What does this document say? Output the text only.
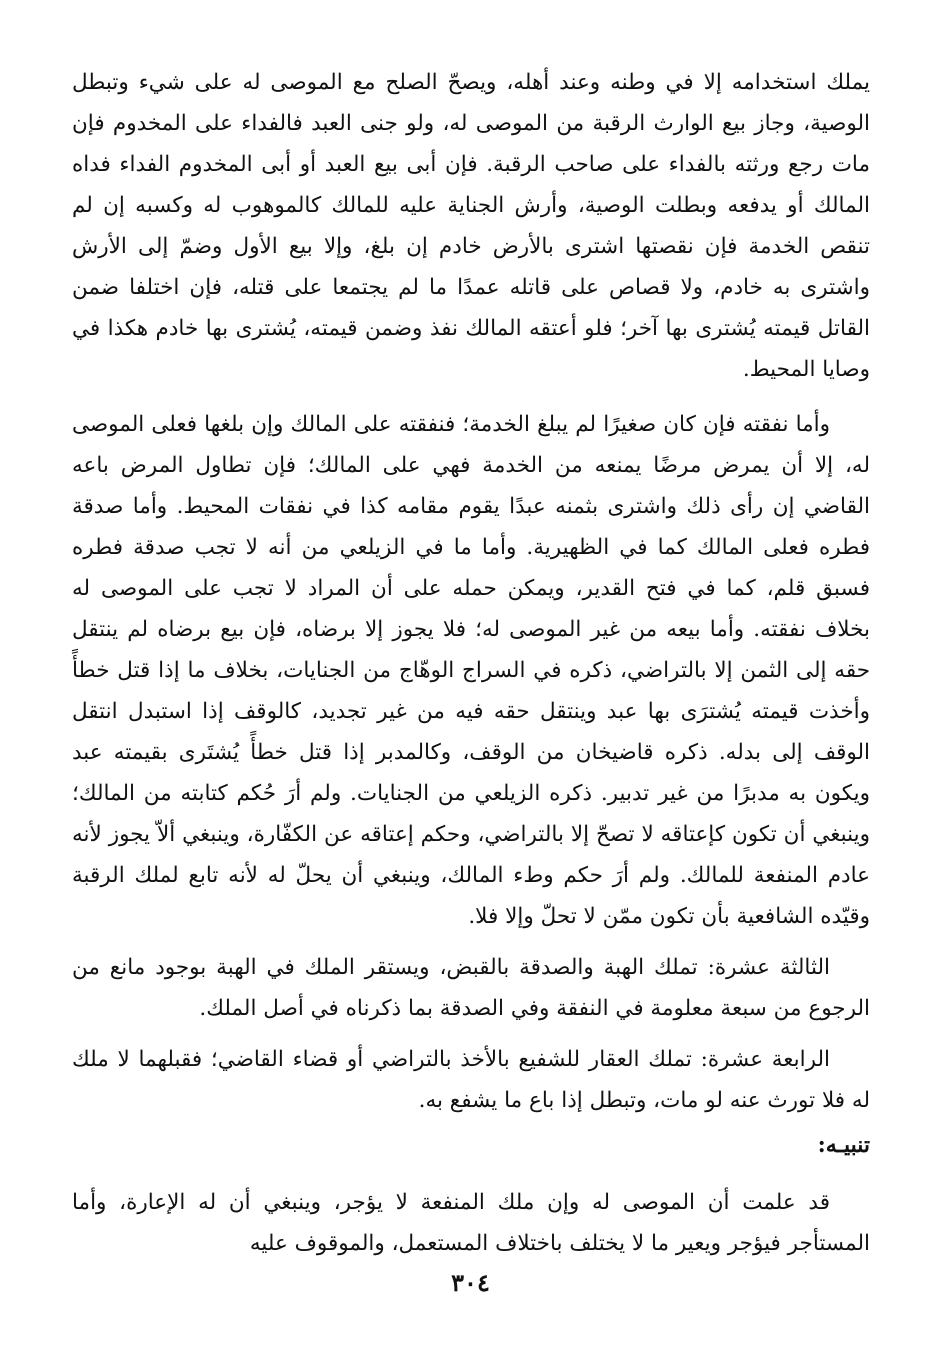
يملك استخدامه إلا في وطنه وعند أهله، ويصحّ الصلح مع الموصى له على شيء وتبطل الوصية، وجاز بيع الوارث الرقبة من الموصى له، ولو جنى العبد فالفداء على المخدوم فإن مات رجع ورثته بالفداء على صاحب الرقبة. فإن أبى بيع العبد أو أبى المخدوم الفداء فداه المالك أو يدفعه وبطلت الوصية، وأرش الجناية عليه للمالك كالموهوب له وكسبه إن لم تنقص الخدمة فإن نقصتها اشترى بالأرض خادم إن بلغ، وإلا بيع الأول وضمّ إلى الأرش واشترى به خادم، ولا قصاص على قاتله عمدًا ما لم يجتمعا على قتله، فإن اختلفا ضمن القاتل قيمته يُشترى بها آخر؛ فلو أعتقه المالك نفذ وضمن قيمته، يُشترى بها خادم هكذا في وصايا المحيط.

وأما نفقته فإن كان صغيرًا لم يبلغ الخدمة؛ فنفقته على المالك وإن بلغها فعلى الموصى له، إلا أن يمرض مرضًا يمنعه من الخدمة فهي على المالك؛ فإن تطاول المرض باعه القاضي إن رأى ذلك واشترى بثمنه عبدًا يقوم مقامه كذا في نفقات المحيط. وأما صدقة فطره فعلى المالك كما في الظهيرية. وأما ما في الزيلعي من أنه لا تجب صدقة فطره فسبق قلم، كما في فتح القدير، ويمكن حمله على أن المراد لا تجب على الموصى له بخلاف نفقته. وأما بيعه من غير الموصى له؛ فلا يجوز إلا برضاه، فإن بيع برضاه لم ينتقل حقه إلى الثمن إلا بالتراضي، ذكره في السراج الوهّاج من الجنايات، بخلاف ما إذا قتل خطأً وأخذت قيمته يُشترَى بها عبد وينتقل حقه فيه من غير تجديد، كالوقف إذا استبدل انتقل الوقف إلى بدله. ذكره قاضيخان من الوقف، وكالمدبر إذا قتل خطأً يُشتَرى بقيمته عبد ويكون به مدبرًا من غير تدبير. ذكره الزيلعي من الجنايات. ولم أرَ حُكم كتابته من المالك؛ وينبغي أن تكون كإعتاقه لا تصحّ إلا بالتراضي، وحكم إعتاقه عن الكفّارة، وينبغي ألاّ يجوز لأنه عادم المنفعة للمالك. ولم أرَ حكم وطء المالك، وينبغي أن يحلّ له لأنه تابع لملك الرقبة وقيّده الشافعية بأن تكون ممّن لا تحلّ وإلا فلا.

الثالثة عشرة: تملك الهبة والصدقة بالقبض، ويستقر الملك في الهبة بوجود مانع من الرجوع من سبعة معلومة في النفقة وفي الصدقة بما ذكرناه في أصل الملك.

الرابعة عشرة: تملك العقار للشفيع بالأخذ بالتراضي أو قضاء القاضي؛ فقبلهما لا ملك له فلا تورث عنه لو مات، وتبطل إذا باع ما يشفع به.

تنبيـه:

قد علمت أن الموصى له وإن ملك المنفعة لا يؤجر، وينبغي أن له الإعارة، وأما المستأجر فيؤجر ويعير ما لا يختلف باختلاف المستعمل، والموقوف عليه

٣٠٤
